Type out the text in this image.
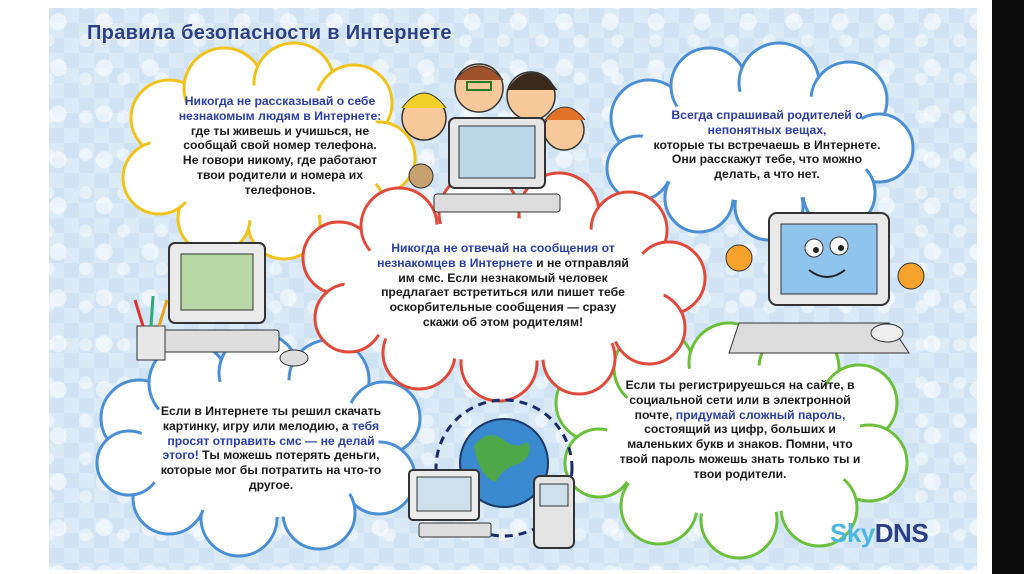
Правила безопасности в Интернете
Никогда не рассказывай о себе незнакомым людям в Интернете: где ты живешь и учишься, не сообщай свой номер телефона. Не говори никому, где работают твои родители и номера их телефонов.
Всегда спрашивай родителей о непонятных вещах,
которые ты встречаешь в Интернете. Они расскажут тебе, что можно делать, а что нет.
Никогда не отвечай на сообщения от незнакомцев в Интернете и не отправляй им смс. Если незнакомый человек предлагает встретиться или пишет тебе оскорбительные сообщения — сразу скажи об этом родителям!
Если в Интернете ты решил скачать картинку, игру или мелодию, а тебя просят отправить смс — не делай этого! Ты можешь потерять деньги, которые мог бы потратить на что-то другое.
Если ты регистрируешься на сайте, в социальной сети или в электронной почте, придумай сложный пароль, состоящий из цифр, больших и маленьких букв и знаков. Помни, что твой пароль можешь знать только ты и твои родители.
SkyDNS
